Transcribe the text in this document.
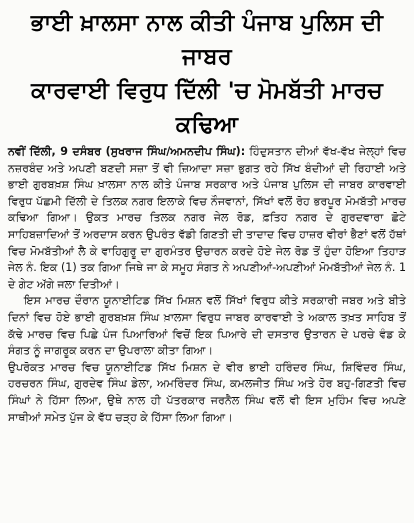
ਭਾਈ ਖ਼ਾਲਸਾ ਨਾਲ ਕੀਤੀ ਪੰਜਾਬ ਪੁਲਿਸ ਦੀ ਜਾਬਰ
ਕਾਰਵਾਈ ਵਿਰੁਧ ਦਿੱਲੀ 'ਚ ਮੋਮਬੱਤੀ ਮਾਰਚ ਕਢਿਆ

ਨਵੀਂ ਦਿੱਲੀ, 9 ਦਸੰਬਰ (ਸੁਖਰਾਜ ਸਿੰਘ/ਅਮਨਦੀਪ ਸਿੰਘ): ਹਿੰਦੁਸਤਾਨ ਦੀਆਂ ਵੱਖ-ਵੱਖ ਜੇਲ੍ਹਾਂ ਵਿਚ ਨਜ਼ਰਬੰਦ ਅਤੇ ਅਪਣੀ ਬਣਦੀ ਸਜ਼ਾ ਤੋਂ ਵੀ ਜ਼ਿਆਦਾ ਸਜ਼ਾ ਭੁਗਤ ਰਹੇ ਸਿੱਖ ਬੰਦੀਆਂ ਦੀ ਰਿਹਾਈ ਅਤੇ ਭਾਈ ਗੁਰਬਖ਼ਸ਼ ਸਿੰਘ ਖ਼ਾਲਸਾ ਨਾਲ ਕੀਤੇ ਪੰਜਾਬ ਸਰਕਾਰ ਅਤੇ ਪੰਜਾਬ ਪੁਲਿਸ ਦੀ ਜਾਬਰ ਕਾਰਵਾਈ ਵਿਰੁਧ ਪੱਛਮੀ ਦਿੱਲੀ ਦੇ ਤਿਲਕ ਨਗਰ ਇਲਾਕੇ ਵਿਚ ਨੌਜਵਾਨਾਂ, ਸਿੱਖਾਂ ਵਲੋਂ ਰੋਹ ਭਰਪੂਰ ਮੋਮਬੱਤੀ ਮਾਰਚ ਕਢਿਆ ਗਿਆ। ਉਕਤ ਮਾਰਚ ਤਿਲਕ ਨਗਰ ਜੇਲ ਰੋਡ, ਫ਼ਤਿਹ ਨਗਰ ਦੇ ਗੁਰਦਵਾਰਾ ਛੋਟੇ ਸਾਹਿਬਜ਼ਾਦਿਆਂ ਤੋਂ ਅਰਦਾਸ ਕਰਨ ਉਪਰੰਤ ਵੱਡੀ ਗਿਣਤੀ ਦੀ ਤਾਦਾਦ ਵਿਚ ਹਾਜ਼ਰ ਵੀਰਾਂ ਭੈਣਾਂ ਵਲੋਂ ਹੱਥਾਂ ਵਿਚ ਮੋਮਬੱਤੀਆਂ ਲੈ ਕੇ ਵਾਹਿਗੁਰੂ ਦਾ ਗੁਰਮੰਤਰ ਉਚਾਰਨ ਕਰਦੇ ਹੋਏ ਜੇਲ ਰੋਡ ਤੋਂ ਹੁੰਦਾ ਹੋਇਆ ਤਿਹਾੜ ਜੇਲ ਨੰ. ਇਕ (1) ਤਕ ਗਿਆ ਜਿਥੇ ਜਾ ਕੇ ਸਮੂਹ ਸੰਗਤ ਨੇ ਅਪਣੀਆਂ-ਅਪਣੀਆਂ ਮੋਮਬੱਤੀਆਂ ਜੇਲ ਨੰ. 1 ਦੇ ਗੇਟ ਅੱਗੇ ਜਲਾ ਦਿਤੀਆਂ।

ਇਸ ਮਾਰਚ ਦੌਰਾਨ ਯੂਨਾਈਟਿਡ ਸਿੱਖ ਮਿਸ਼ਨ ਵਲੋਂ ਸਿੱਖਾਂ ਵਿਰੁਧ ਕੀਤੇ ਸਰਕਾਰੀ ਜਬਰ ਅਤੇ ਬੀਤੇ ਦਿਨਾਂ ਵਿਚ ਹੋਏ ਭਾਈ ਗੁਰਬਖ਼ਸ਼ ਸਿੰਘ ਖ਼ਾਲਸਾ ਵਿਰੁਧ ਜਾਬਰ ਕਾਰਵਾਈ ਤੇ ਅਕਾਲ ਤਖ਼ਤ ਸਾਹਿਬ ਤੋਂ ਕੱਢੇ ਮਾਰਚ ਵਿਚ ਪਿਛੇ ਪੰਜ ਪਿਆਰਿਆਂ ਵਿਚੋਂ ਇਕ ਪਿਆਰੇ ਦੀ ਦਸਤਾਰ ਉਤਾਰਨ ਦੇ ਪਰਚੇ ਵੰਡ ਕੇ ਸੰਗਤ ਨੂੰ ਜਾਗਰੂਕ ਕਰਨ ਦਾ ਉਪਰਾਲਾ ਕੀਤਾ ਗਿਆ।

ਉਪਰੋਕਤ ਮਾਰਚ ਵਿਚ ਯੂਨਾਈਟਿਡ ਸਿੱਖ ਮਿਸ਼ਨ ਦੇ ਵੀਰ ਭਾਈ ਹਰਿੰਦਰ ਸਿੰਘ, ਸ਼ਿਵਿੰਦਰ ਸਿੰਘ, ਹਰਚਰਨ ਸਿੰਘ, ਗੁਰਦੇਵ ਸਿੰਘ ਡੇਲਾ, ਅਮਰਿੰਦਰ ਸਿੰਘ, ਕਮਲਜੀਤ ਸਿੰਘ ਅਤੇ ਹੋਰ ਬਹੁ-ਗਿਣਤੀ ਵਿਚ ਸਿੰਘਾਂ ਨੇ ਹਿੱਸਾ ਲਿਆ, ਉਥੇ ਨਾਲ ਹੀ ਪੱਤਰਕਾਰ ਜਰਨੈਲ ਸਿੰਘ ਵਲੋਂ ਵੀ ਇਸ ਮੁਹਿੰਮ ਵਿਚ ਅਪਣੇ ਸਾਥੀਆਂ ਸਮੇਤ ਪੁੱਜ ਕੇ ਵੱਧ ਚੜ੍ਹ ਕੇ ਹਿੱਸਾ ਲਿਆ ਗਿਆ।
